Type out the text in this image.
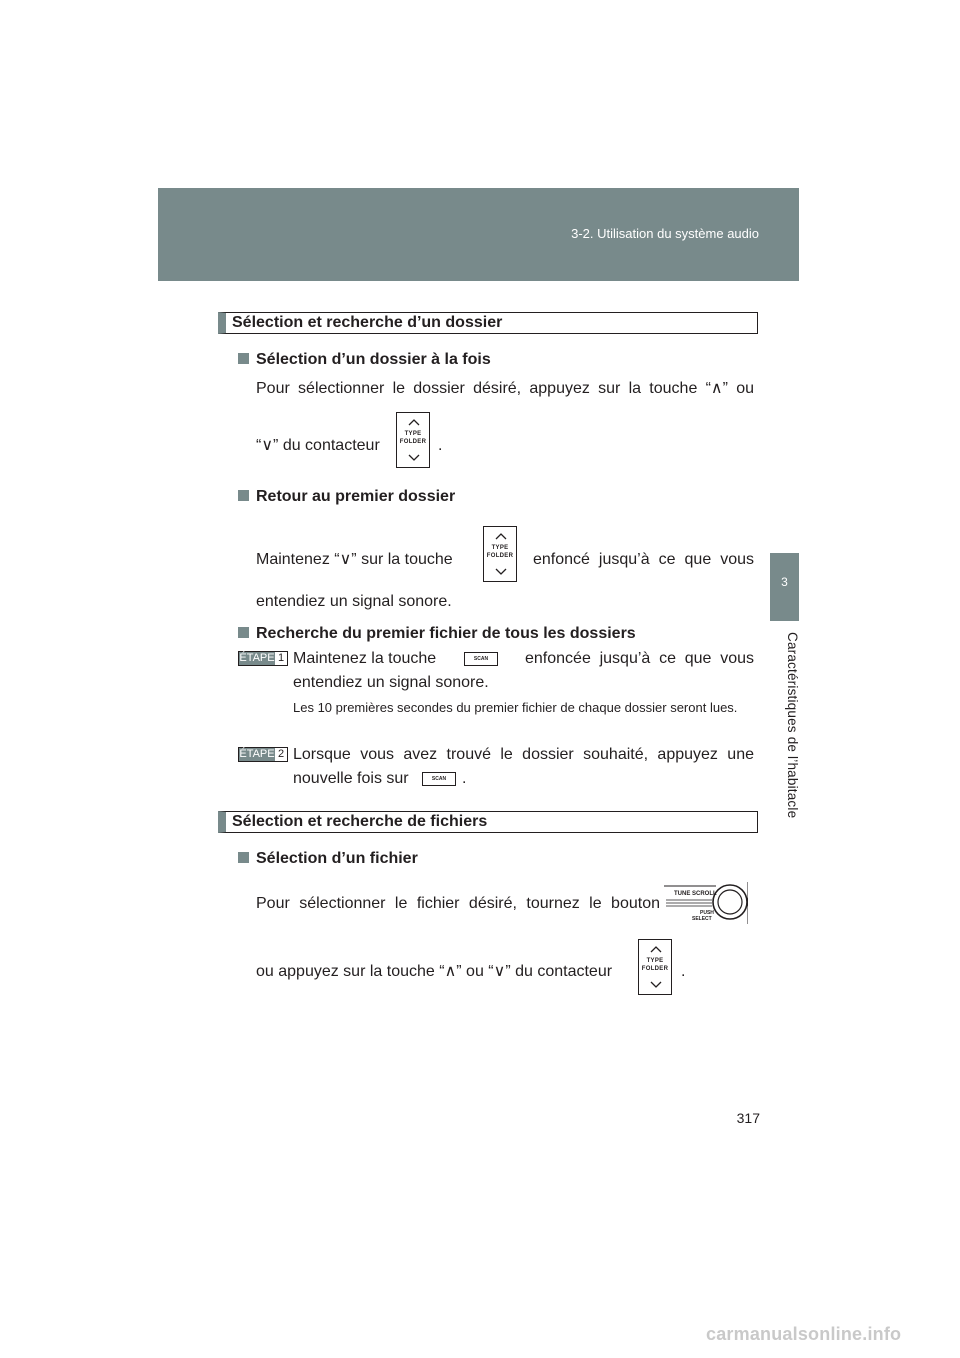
3-2. Utilisation du système audio
3
Caractéristiques de l’habitacle
Sélection et recherche d’un dossier
Sélection d’un dossier à la fois
Pour sélectionner le dossier désiré, appuyez sur la touche “∧” ou
“∨” du contacteur
TYPE
FOLDER .
Retour au premier dossier
Maintenez “∨” sur la touche
TYPE
FOLDER enfoncé jusqu’à ce que vous
entendiez un signal sonore.
Recherche du premier fichier de tous les dossiers
ÉTAPE 1 Maintenez la touche	SCAN	enfoncée jusqu’à ce que vous
entendiez un signal sonore.
Les 10 premières secondes du premier fichier de chaque dossier seront lues.
ÉTAPE 2 Lorsque vous avez trouvé le dossier souhaité, appuyez une
nouvelle fois sur	SCAN .
Sélection et recherche de fichiers
Sélection d’un fichier
Pour sélectionner le fichier désiré, tournez le bouton
TUNE SCROLL
PUSH
SELECT
ou appuyez sur la touche “∧” ou “∨” du contacteur
TYPE
FOLDER .
317
carmanualsonline.info
